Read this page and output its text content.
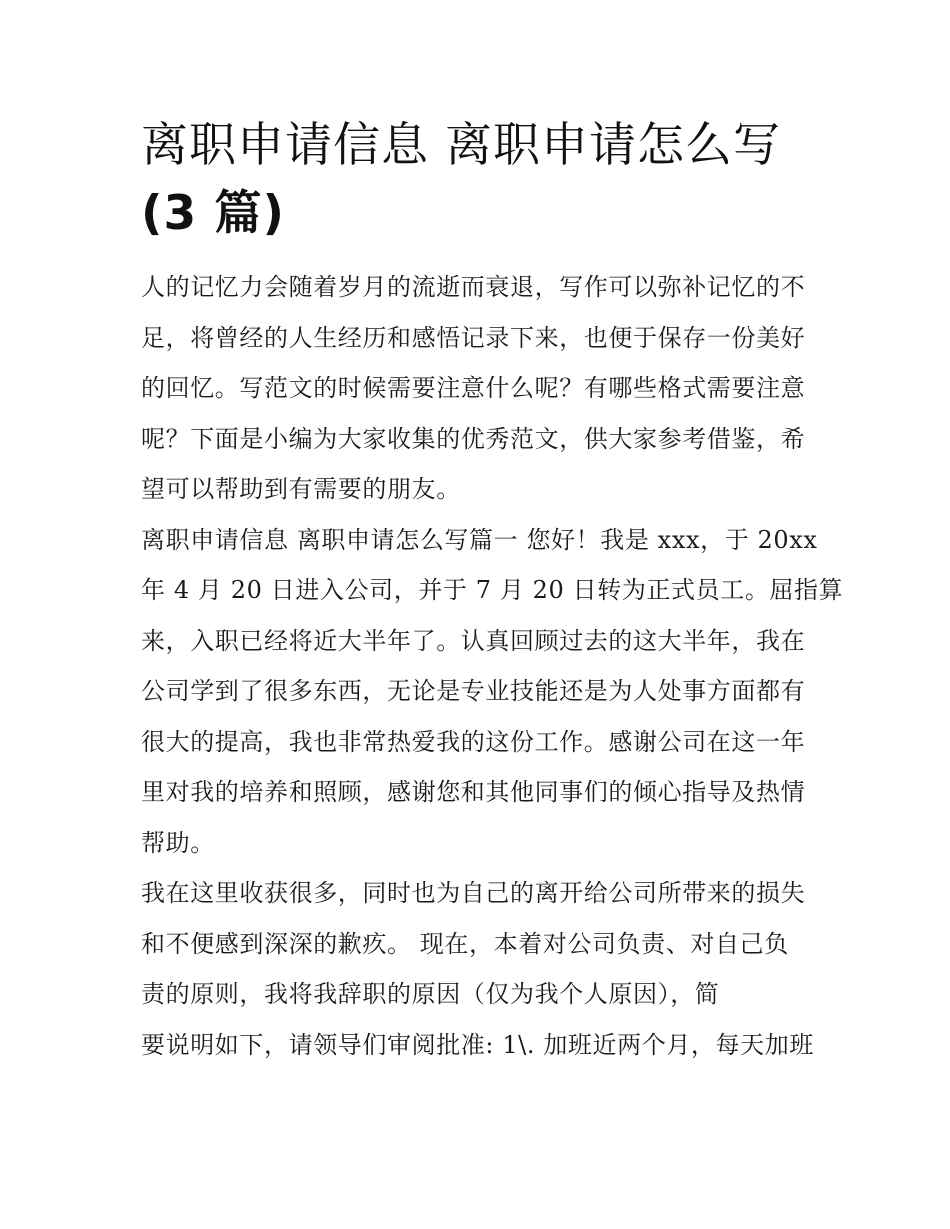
离职申请信息 离职申请怎么写
(3 篇)

人的记忆力会随着岁月的流逝而衰退，写作可以弥补记忆的不
足，将曾经的人生经历和感悟记录下来，也便于保存一份美好
的回忆。写范文的时候需要注意什么呢？有哪些格式需要注意
呢？下面是小编为大家收集的优秀范文，供大家参考借鉴，希
望可以帮助到有需要的朋友。

离职申请信息 离职申请怎么写篇一 您好！我是 xxx，于 20xx
年 4 月 20 日进入公司，并于 7 月 20 日转为正式员工。屈指算
来，入职已经将近大半年了。认真回顾过去的这大半年，我在
公司学到了很多东西，无论是专业技能还是为人处事方面都有
很大的提高，我也非常热爱我的这份工作。感谢公司在这一年
里对我的培养和照顾，感谢您和其他同事们的倾心指导及热情
帮助。

我在这里收获很多，同时也为自己的离开给公司所带来的损失
和不便感到深深的歉疚。 现在，本着对公司负责、对自己负
责的原则，我将我辞职的原因（仅为我个人原因），简
要说明如下，请领导们审阅批准: 1\. 加班近两个月，每天加班
